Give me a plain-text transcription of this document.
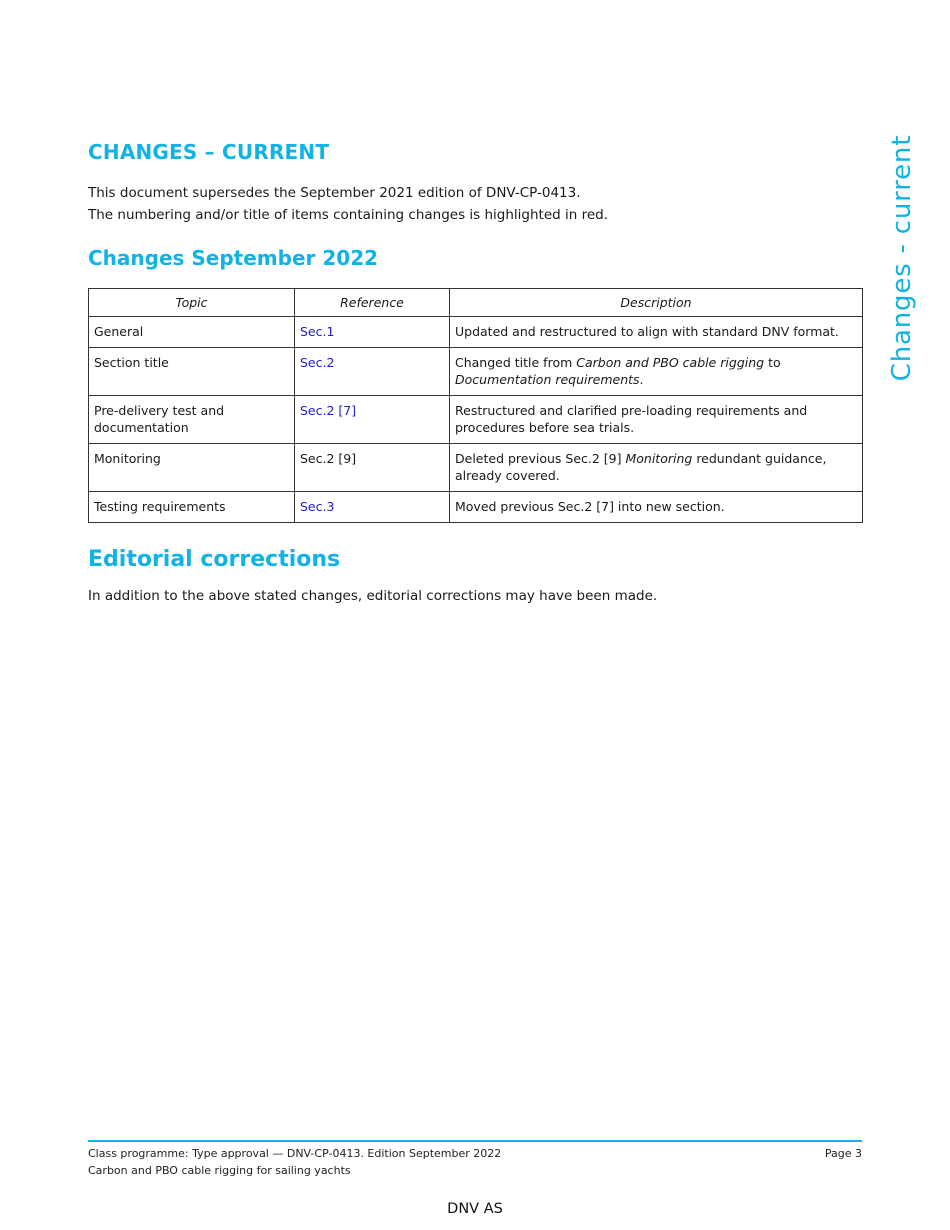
CHANGES – CURRENT
This document supersedes the September 2021 edition of DNV-CP-0413.
The numbering and/or title of items containing changes is highlighted in red.
Changes September 2022
Topic	Reference	Description
General	Sec.1	Updated and restructured to align with standard DNV format.
Section title	Sec.2	Changed title from Carbon and PBO cable rigging to Documentation requirements.
Pre-delivery test and documentation	Sec.2 [7]	Restructured and clarified pre-loading requirements and procedures before sea trials.
Monitoring	Sec.2 [9]	Deleted previous Sec.2 [9] Monitoring redundant guidance, already covered.
Testing requirements	Sec.3	Moved previous Sec.2 [7] into new section.
Editorial corrections
In addition to the above stated changes, editorial corrections may have been made.
Changes - current
Class programme: Type approval — DNV-CP-0413. Edition September 2022
Carbon and PBO cable rigging for sailing yachts
Page 3
DNV AS
